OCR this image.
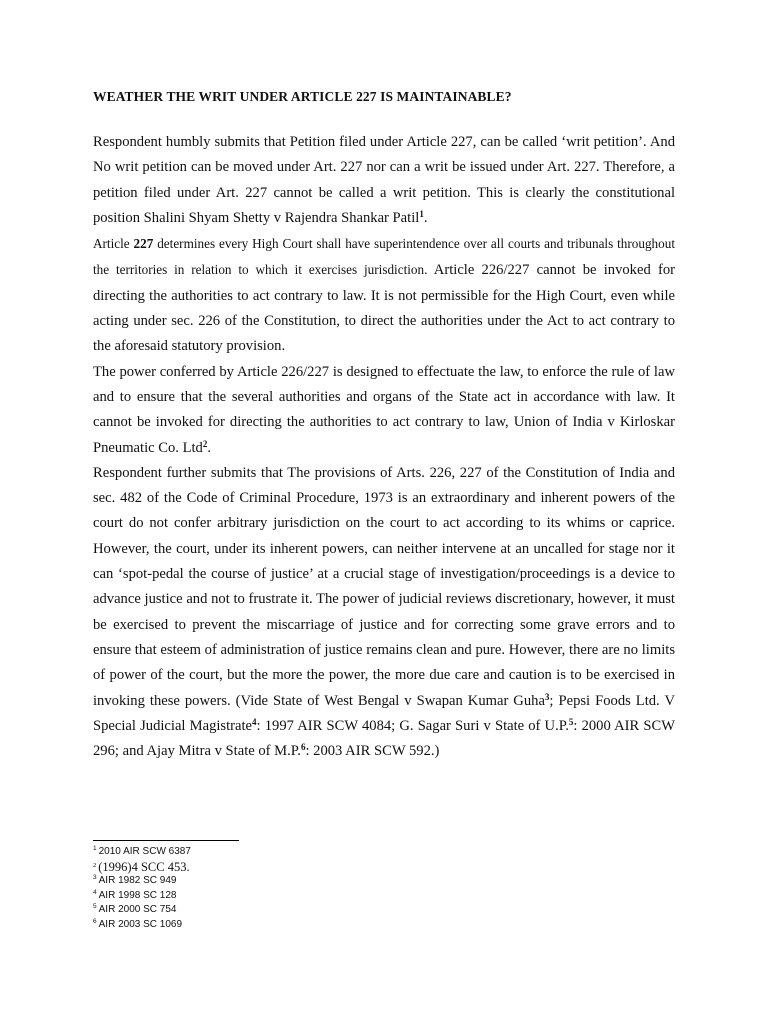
WEATHER THE WRIT UNDER ARTICLE 227 IS MAINTAINABLE?

Respondent humbly submits that Petition filed under Article 227, can be called ‘writ petition’. And No writ petition can be moved under Art. 227 nor can a writ be issued under Art. 227. Therefore, a petition filed under Art. 227 cannot be called a writ petition. This is clearly the constitutional position Shalini Shyam Shetty v Rajendra Shankar Patil$^1$.

Article 227 determines every High Court shall have superintendence over all courts and tribunals throughout the territories in relation to which it exercises jurisdiction. Article 226/227 cannot be invoked for directing the authorities to act contrary to law. It is not permissible for the High Court, even while acting under sec. 226 of the Constitution, to direct the authorities under the Act to act contrary to the aforesaid statutory provision.

The power conferred by Article 226/227 is designed to effectuate the law, to enforce the rule of law and to ensure that the several authorities and organs of the State act in accordance with law. It cannot be invoked for directing the authorities to act contrary to law, Union of India v Kirloskar Pneumatic Co. Ltd$^2$.

Respondent further submits that The provisions of Arts. 226, 227 of the Constitution of India and sec. 482 of the Code of Criminal Procedure, 1973 is an extraordinary and inherent powers of the court do not confer arbitrary jurisdiction on the court to act according to its whims or caprice. However, the court, under its inherent powers, can neither intervene at an uncalled for stage nor it can ‘spot-pedal the course of justice’ at a crucial stage of investigation/proceedings is a device to advance justice and not to frustrate it. The power of judicial reviews discretionary, however, it must be exercised to prevent the miscarriage of justice and for correcting some grave errors and to ensure that esteem of administration of justice remains clean and pure. However, there are no limits of power of the court, but the more the power, the more due care and caution is to be exercised in invoking these powers. (Vide State of West Bengal v Swapan Kumar Guha$^3$; Pepsi Foods Ltd. V Special Judicial Magistrate$^4$: 1997 AIR SCW 4084; G. Sagar Suri v State of U.P.$^5$: 2000 AIR SCW 296; and Ajay Mitra v State of M.P.$^6$: 2003 AIR SCW 592.)

$^1$ 2010 AIR SCW 6387

$^2$ (1996)4 SCC 453.

$^3$ AIR 1982 SC 949

$^4$ AIR 1998 SC 128

$^5$ AIR 2000 SC 754

$^6$ AIR 2003 SC 1069
